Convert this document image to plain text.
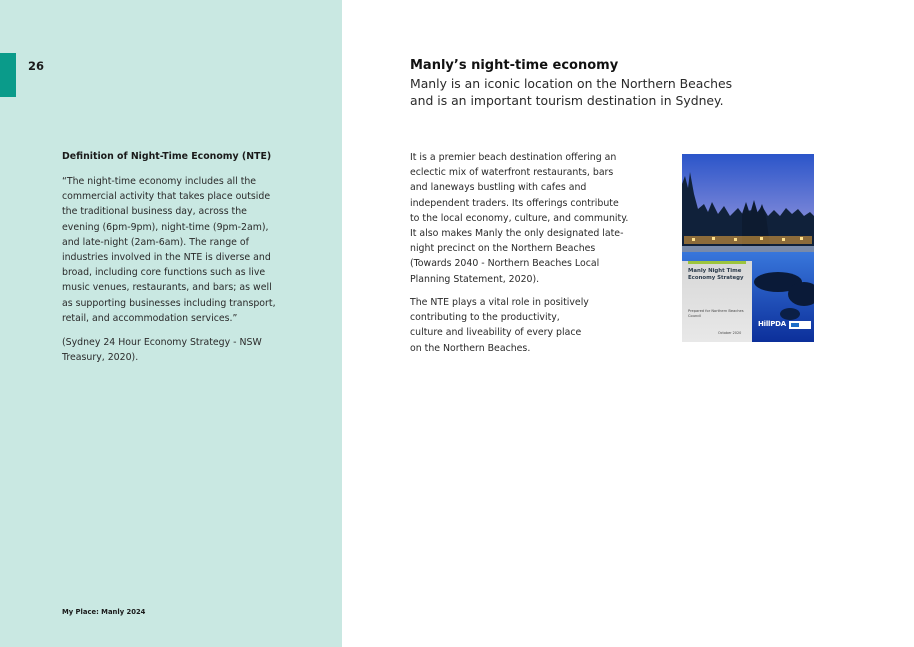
26
Definition of Night-Time Economy (NTE)

“The night-time economy includes all the commercial activity that takes place outside the traditional business day, across the evening (6pm-9pm), night-time (9pm-2am), and late-night (2am-6am). The range of industries involved in the NTE is diverse and broad, including core functions such as live music venues, restaurants, and bars; as well as supporting businesses including transport, retail, and accommodation services.”

(Sydney 24 Hour Economy Strategy - NSW Treasury, 2020).

My Place: Manly 2024
Manly’s night-time economy

Manly is an iconic location on the Northern Beaches and is an important tourism destination in Sydney.

It is a premier beach destination offering an eclectic mix of waterfront restaurants, bars and laneways bustling with cafes and independent traders. Its offerings contribute to the local economy, culture, and community. It also makes Manly the only designated late-night precinct on the Northern Beaches (Towards 2040 - Northern Beaches Local Planning Statement, 2020).

The NTE plays a vital role in positively contributing to the productivity, culture and liveability of every place on the Northern Beaches.

Manly Night Time Economy Strategy
Prepared for Northern Beaches Council
October 2020
HillPDA
